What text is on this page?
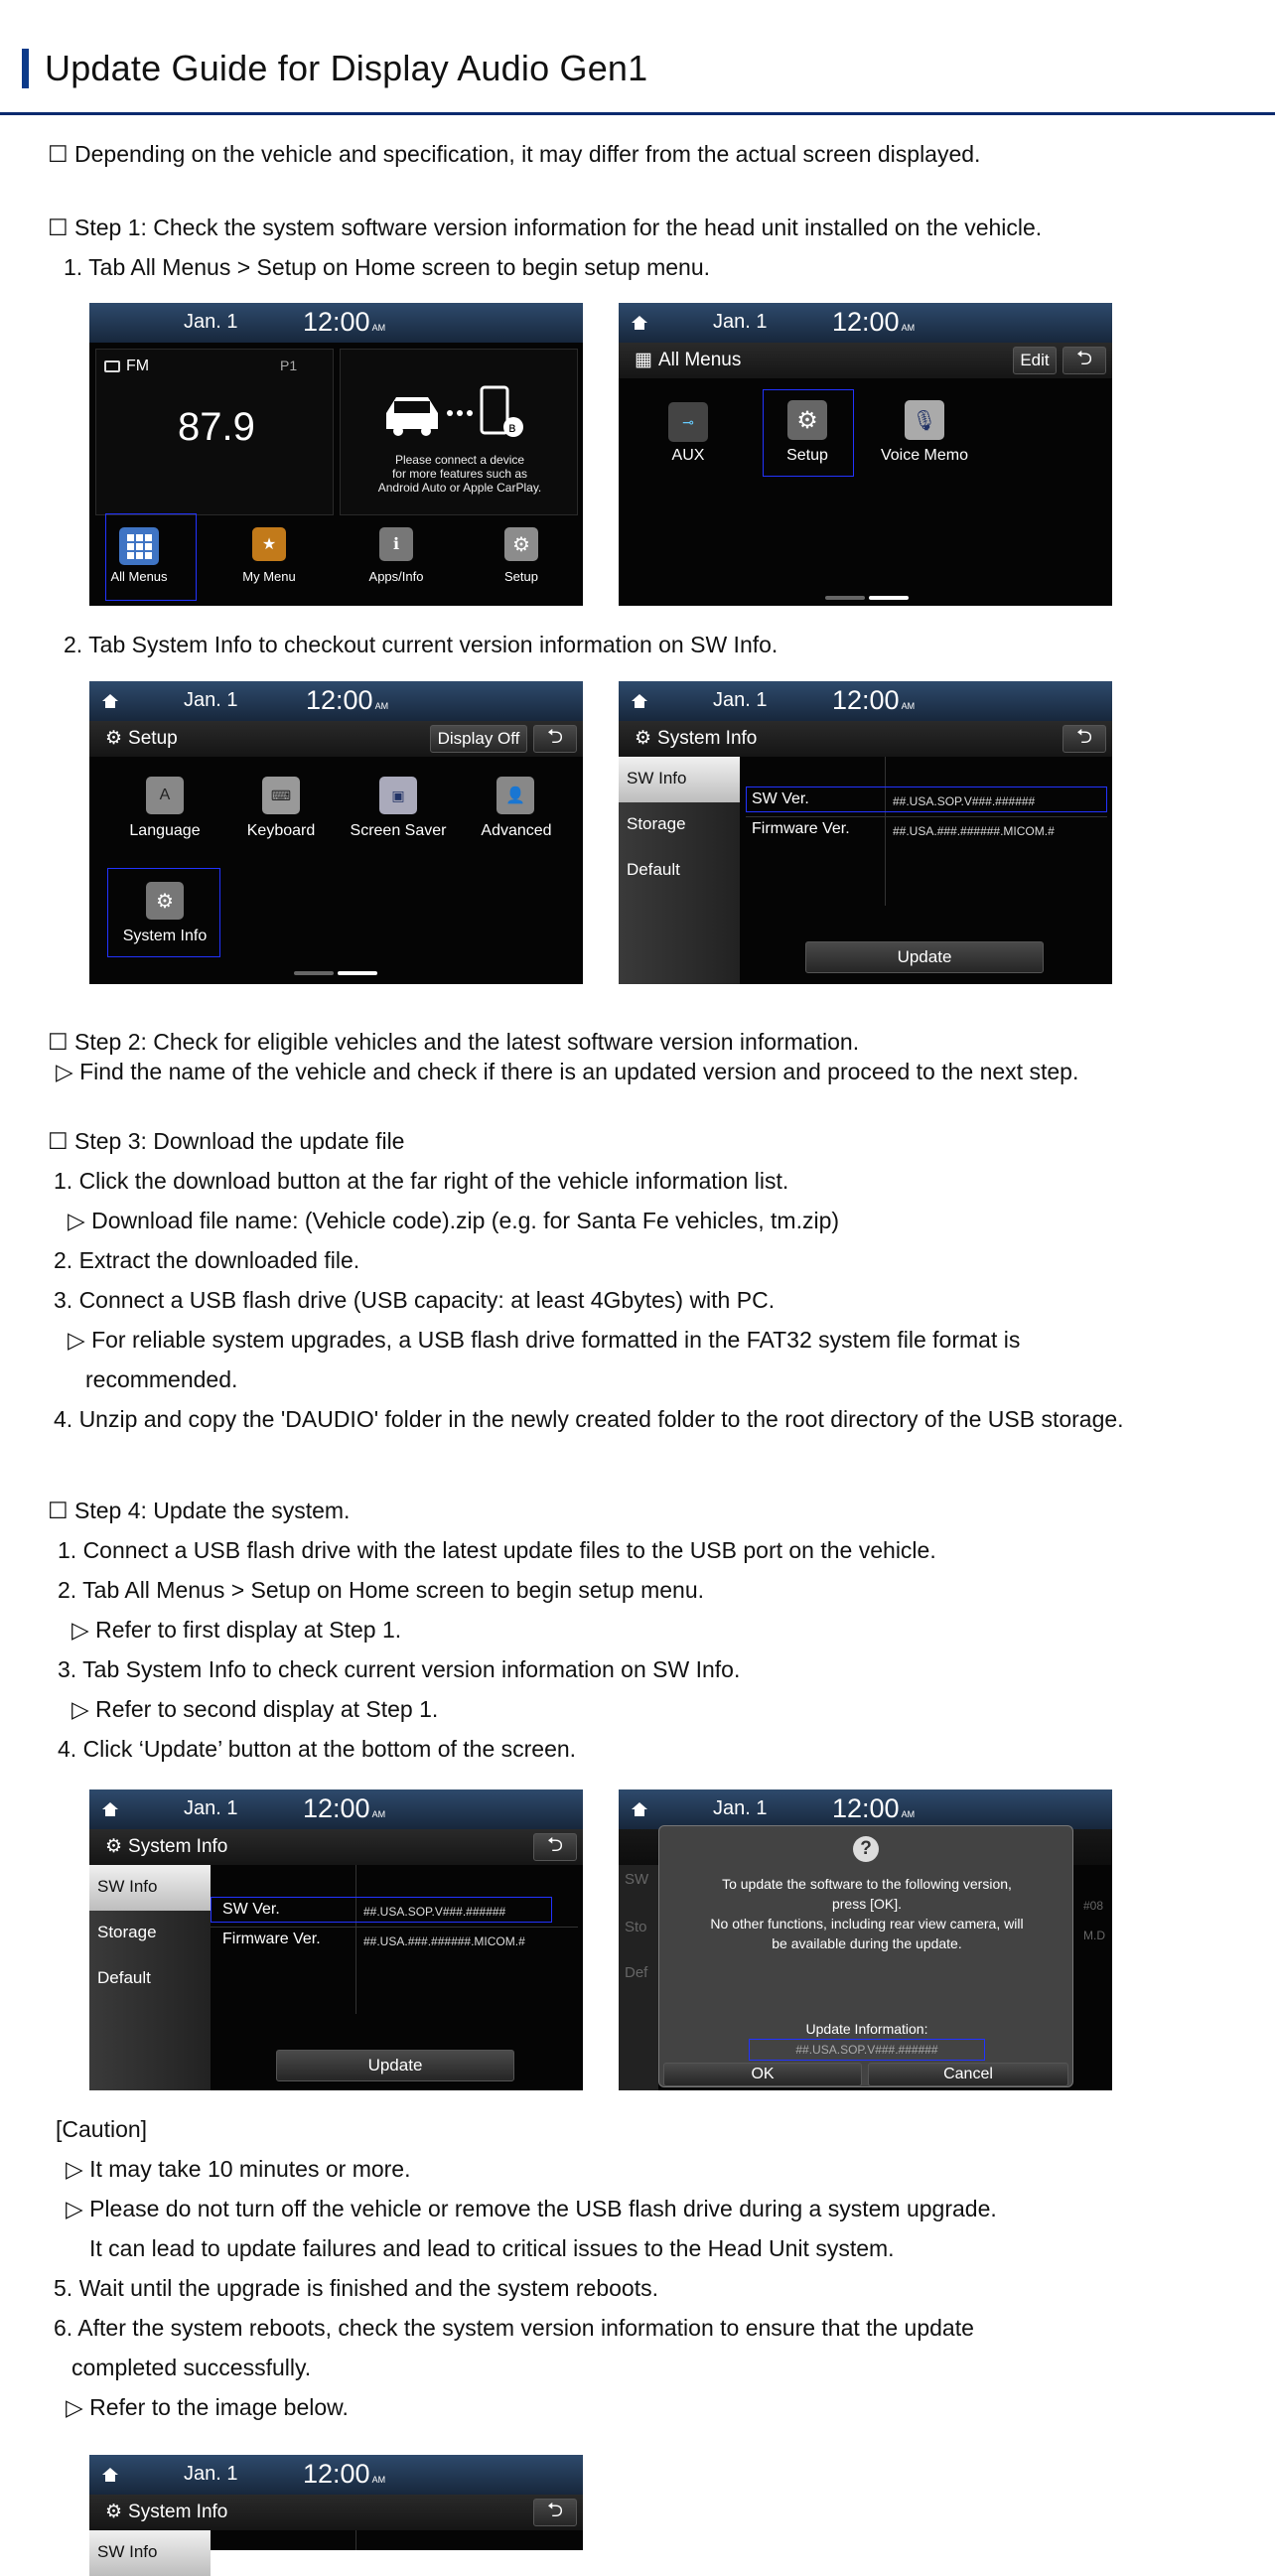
Update Guide for Display Audio Gen1
☐ Depending on the vehicle and specification, it may differ from the actual screen displayed.
☐ Step 1: Check the system software version information for the head unit installed on the vehicle.
1. Tab All Menus > Setup on Home screen to begin setup menu.
Jan. 1 12:00 AM
FM	P1
87.9	ʙ
Please connect a device
for more features such as
Android Auto or Apple CarPlay.
All Menus
★
My Menu
ℹ
Apps/Info
⚙
Setup
Jan. 1 12:00 AM
▦ All Menus	Edit	⮌
⊸
AUX
⚙
Setup
🎙
Voice Memo
2. Tab System Info to checkout current version information on SW Info.
Jan. 1	12:00 AM
⚙ Setup	Display Off	⮌
A
Language
⌨
Keyboard
▣
Screen Saver
👤
Advanced
⚙
System Info
Jan. 1 12:00 AM
⚙ System Info	⮌
SW Info
Storage
Default
SW Ver.	##.USA.SOP.V###.######
Firmware Ver.	##.USA.###.######.MICOM.#
Update
☐ Step 2: Check for eligible vehicles and the latest software version information.
▷ Find the name of the vehicle and check if there is an updated version and proceed to the next step.
☐ Step 3: Download the update file
1. Click the download button at the far right of the vehicle information list.
▷ Download file name: (Vehicle code).zip (e.g. for Santa Fe vehicles, tm.zip)
2. Extract the downloaded file.
3. Connect a USB flash drive (USB capacity: at least 4Gbytes) with PC.
▷ For reliable system upgrades, a USB flash drive formatted in the FAT32 system file format is
recommended.
4. Unzip and copy the 'DAUDIO' folder in the newly created folder to the root directory of the USB storage.
☐ Step 4: Update the system.
1. Connect a USB flash drive with the latest update files to the USB port on the vehicle.
2. Tab All Menus > Setup on Home screen to begin setup menu.
▷ Refer to first display at Step 1.
3. Tab System Info to check current version information on SW Info.
▷ Refer to second display at Step 1.
4. Click ‘Update’ button at the bottom of the screen.
Jan. 1 12:00 AM
⚙ System Info	⮌
SW Info
Storage
Default
SW Ver.	##.USA.SOP.V###.######
Firmware Ver.	##.USA.###.######.MICOM.#
Update
Jan. 1 12:00 AM
SW
Sto
Def
#08
M.D
?
To update the software to the following version,
press [OK].
No other functions, including rear view camera, will
be available during the update.
Update Information:
##.USA.SOP.V###.######
OK	Cancel
[Caution]
▷ It may take 10 minutes or more.
▷ Please do not turn off the vehicle or remove the USB flash drive during a system upgrade.
It can lead to update failures and lead to critical issues to the Head Unit system.
5. Wait until the upgrade is finished and the system reboots.
6. After the system reboots, check the system version information to ensure that the update
completed successfully.
▷ Refer to the image below.
Jan. 1 12:00 AM
⚙ System Info	⮌
SW Info
